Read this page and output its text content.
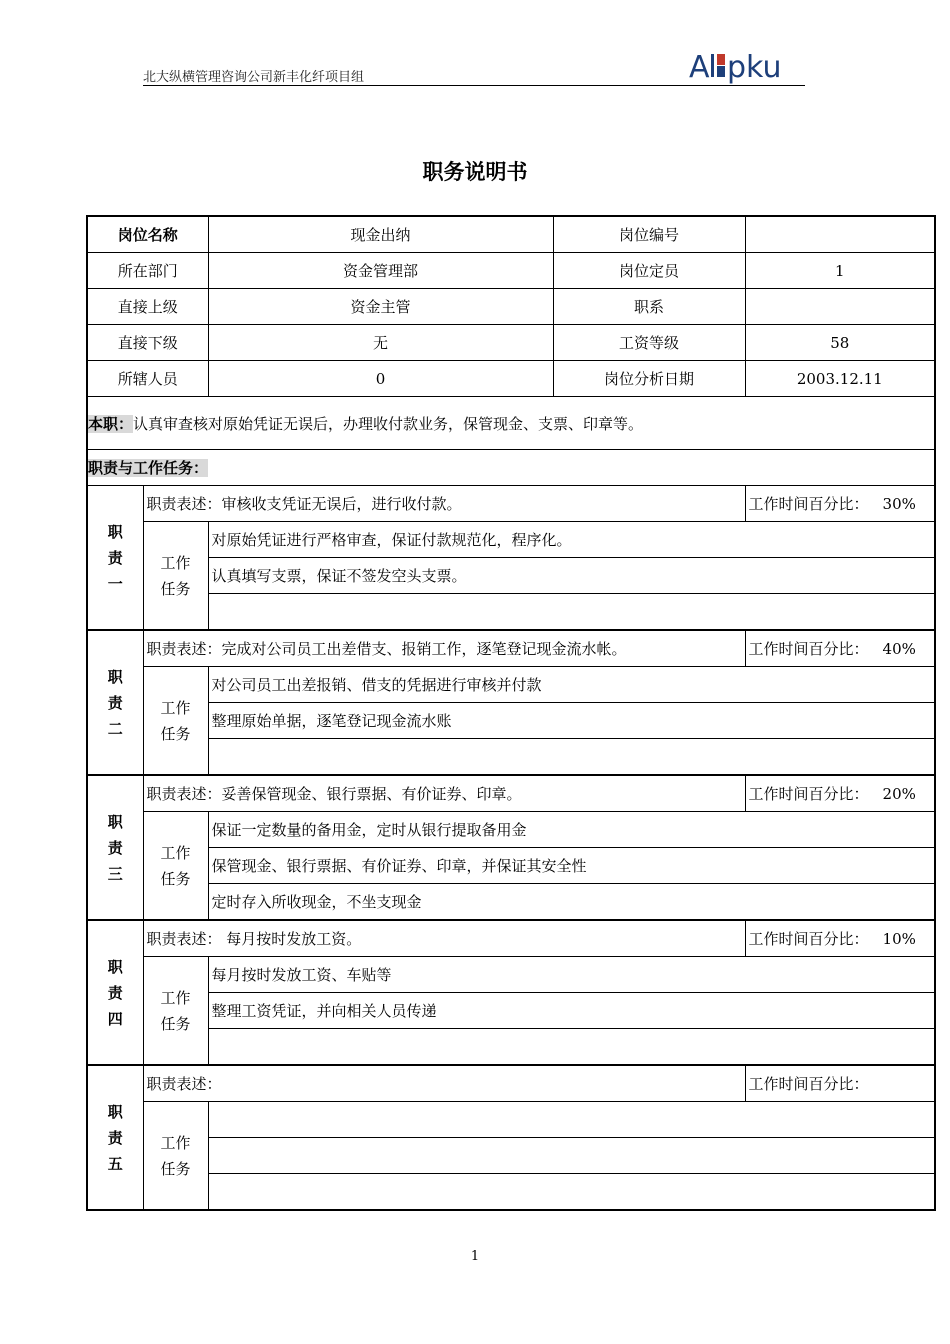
北大纵横管理咨询公司新丰化纤项目组	A pku
职务说明书
岗位名称		现金出纳	岗位编号	
所在部门		资金管理部	岗位定员	1
直接上级		资金主管	职系	
直接下级		无	工资等级	58
所辖人员		0	岗位分析日期	2003.12.11
本职：认真审查核对原始凭证无误后，办理收付款业务，保管现金、支票、印章等。				
职责与工作任务：				
职责一	职责表述：审核收支凭证无误后，进行收付款。			工作时间百分比： 30%
	工作任务	对原始凭证进行严格审查，保证付款规范化，程序化。		
		认真填写支票，保证不签发空头支票。		

职责二	职责表述：完成对公司员工出差借支、报销工作，逐笔登记现金流水帐。			工作时间百分比： 40%
	工作任务	对公司员工出差报销、借支的凭据进行审核并付款		
		整理原始单据，逐笔登记现金流水账		

职责三	职责表述：妥善保管现金、银行票据、有价证券、印章。			工作时间百分比： 20%
	工作任务	保证一定数量的备用金，定时从银行提取备用金		
		保管现金、银行票据、有价证券、印章，并保证其安全性		
		定时存入所收现金，不坐支现金		
职责四	职责表述： 每月按时发放工资。			工作时间百分比： 10%
	工作任务	每月按时发放工资、车贴等		
		整理工资凭证，并向相关人员传递		

职责五	职责表述：			工作时间百分比：
	工作任务			

1
